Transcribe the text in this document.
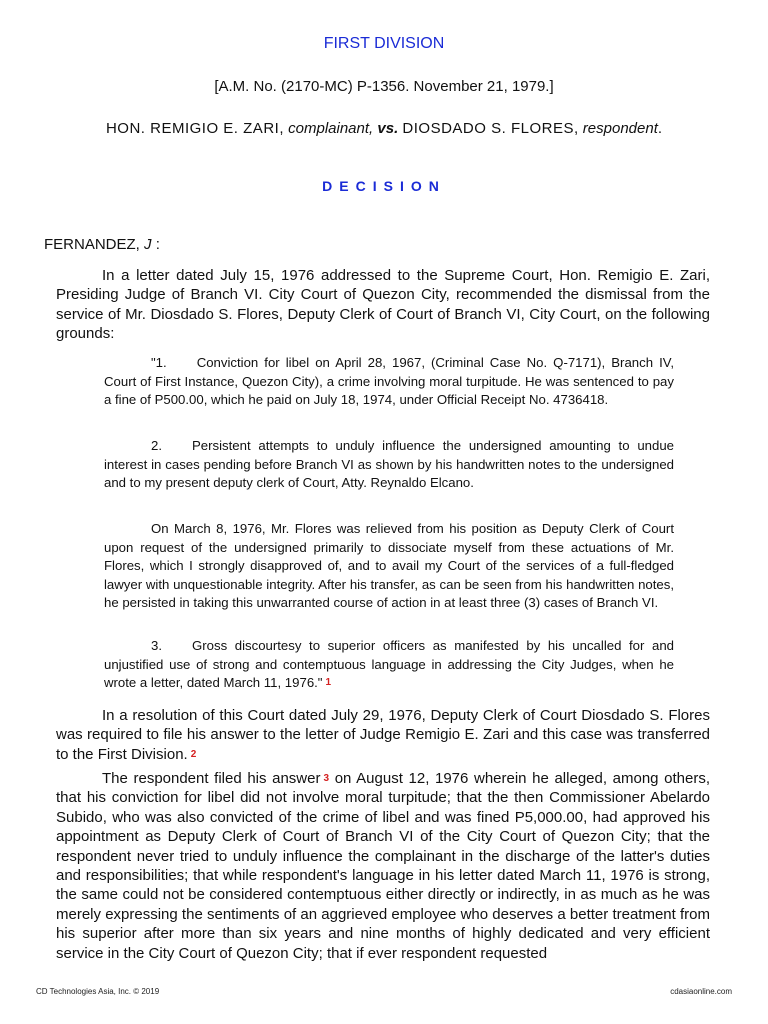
FIRST DIVISION
[A.M. No. (2170-MC) P-1356. November 21, 1979.]
HON. REMIGIO E. ZARI, complainant, vs. DIOSDADO S. FLORES, respondent.
DECISION
FERNANDEZ, J :

In a letter dated July 15, 1976 addressed to the Supreme Court, Hon. Remigio E. Zari, Presiding Judge of Branch VI. City Court of Quezon City, recommended the dismissal from the service of Mr. Diosdado S. Flores, Deputy Clerk of Court of Branch VI, City Court, on the following grounds:

"1. Conviction for libel on April 28, 1967, (Criminal Case No. Q-7171), Branch IV, Court of First Instance, Quezon City), a crime involving moral turpitude. He was sentenced to pay a fine of P500.00, which he paid on July 18, 1974, under Official Receipt No. 4736418.

2. Persistent attempts to unduly influence the undersigned amounting to undue interest in cases pending before Branch VI as shown by his handwritten notes to the undersigned and to my present deputy clerk of Court, Atty. Reynaldo Elcano.

On March 8, 1976, Mr. Flores was relieved from his position as Deputy Clerk of Court upon request of the undersigned primarily to dissociate myself from these actuations of Mr. Flores, which I strongly disapproved of, and to avail my Court of the services of a full-fledged lawyer with unquestionable integrity. After his transfer, as can be seen from his handwritten notes, he persisted in taking this unwarranted course of action in at least three (3) cases of Branch VI.

3. Gross discourtesy to superior officers as manifested by his uncalled for and unjustified use of strong and contemptuous language in addressing the City Judges, when he wrote a letter, dated March 11, 1976." 1

In a resolution of this Court dated July 29, 1976, Deputy Clerk of Court Diosdado S. Flores was required to file his answer to the letter of Judge Remigio E. Zari and this case was transferred to the First Division. 2

The respondent filed his answer 3 on August 12, 1976 wherein he alleged, among others, that his conviction for libel did not involve moral turpitude; that the then Commissioner Abelardo Subido, who was also convicted of the crime of libel and was fined P5,000.00, had approved his appointment as Deputy Clerk of Court of Branch VI of the City Court of Quezon City; that the respondent never tried to unduly influence the complainant in the discharge of the latter's duties and responsibilities; that while respondent's language in his letter dated March 11, 1976 is strong, the same could not be considered contemptuous either directly or indirectly, in as much as he was merely expressing the sentiments of an aggrieved employee who deserves a better treatment from his superior after more than six years and nine months of highly dedicated and very efficient service in the City Court of Quezon City; that if ever respondent requested

CD Technologies Asia, Inc. © 2019	cdasiaonline.com
